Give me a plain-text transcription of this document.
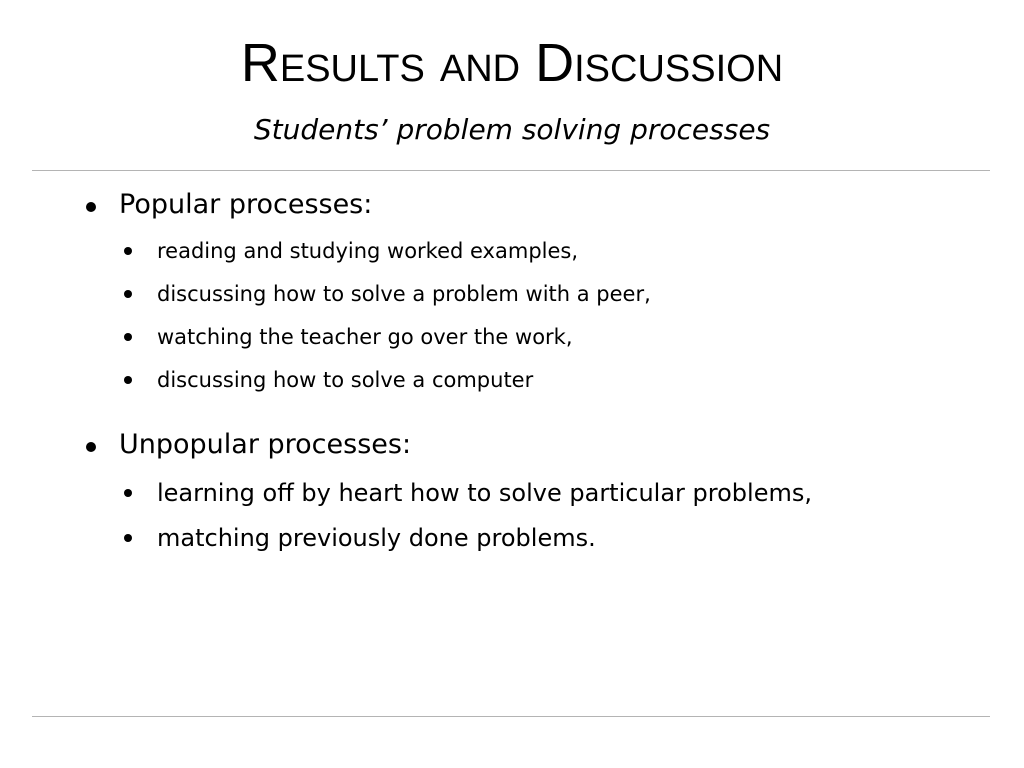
Results and Discussion
Students’ problem solving processes
Popular processes:
reading and studying worked examples,
discussing how to solve a problem with a peer,
watching the teacher go over the work,
discussing how to solve a computer
Unpopular processes:
learning off by heart how to solve particular problems,
matching previously done problems.
